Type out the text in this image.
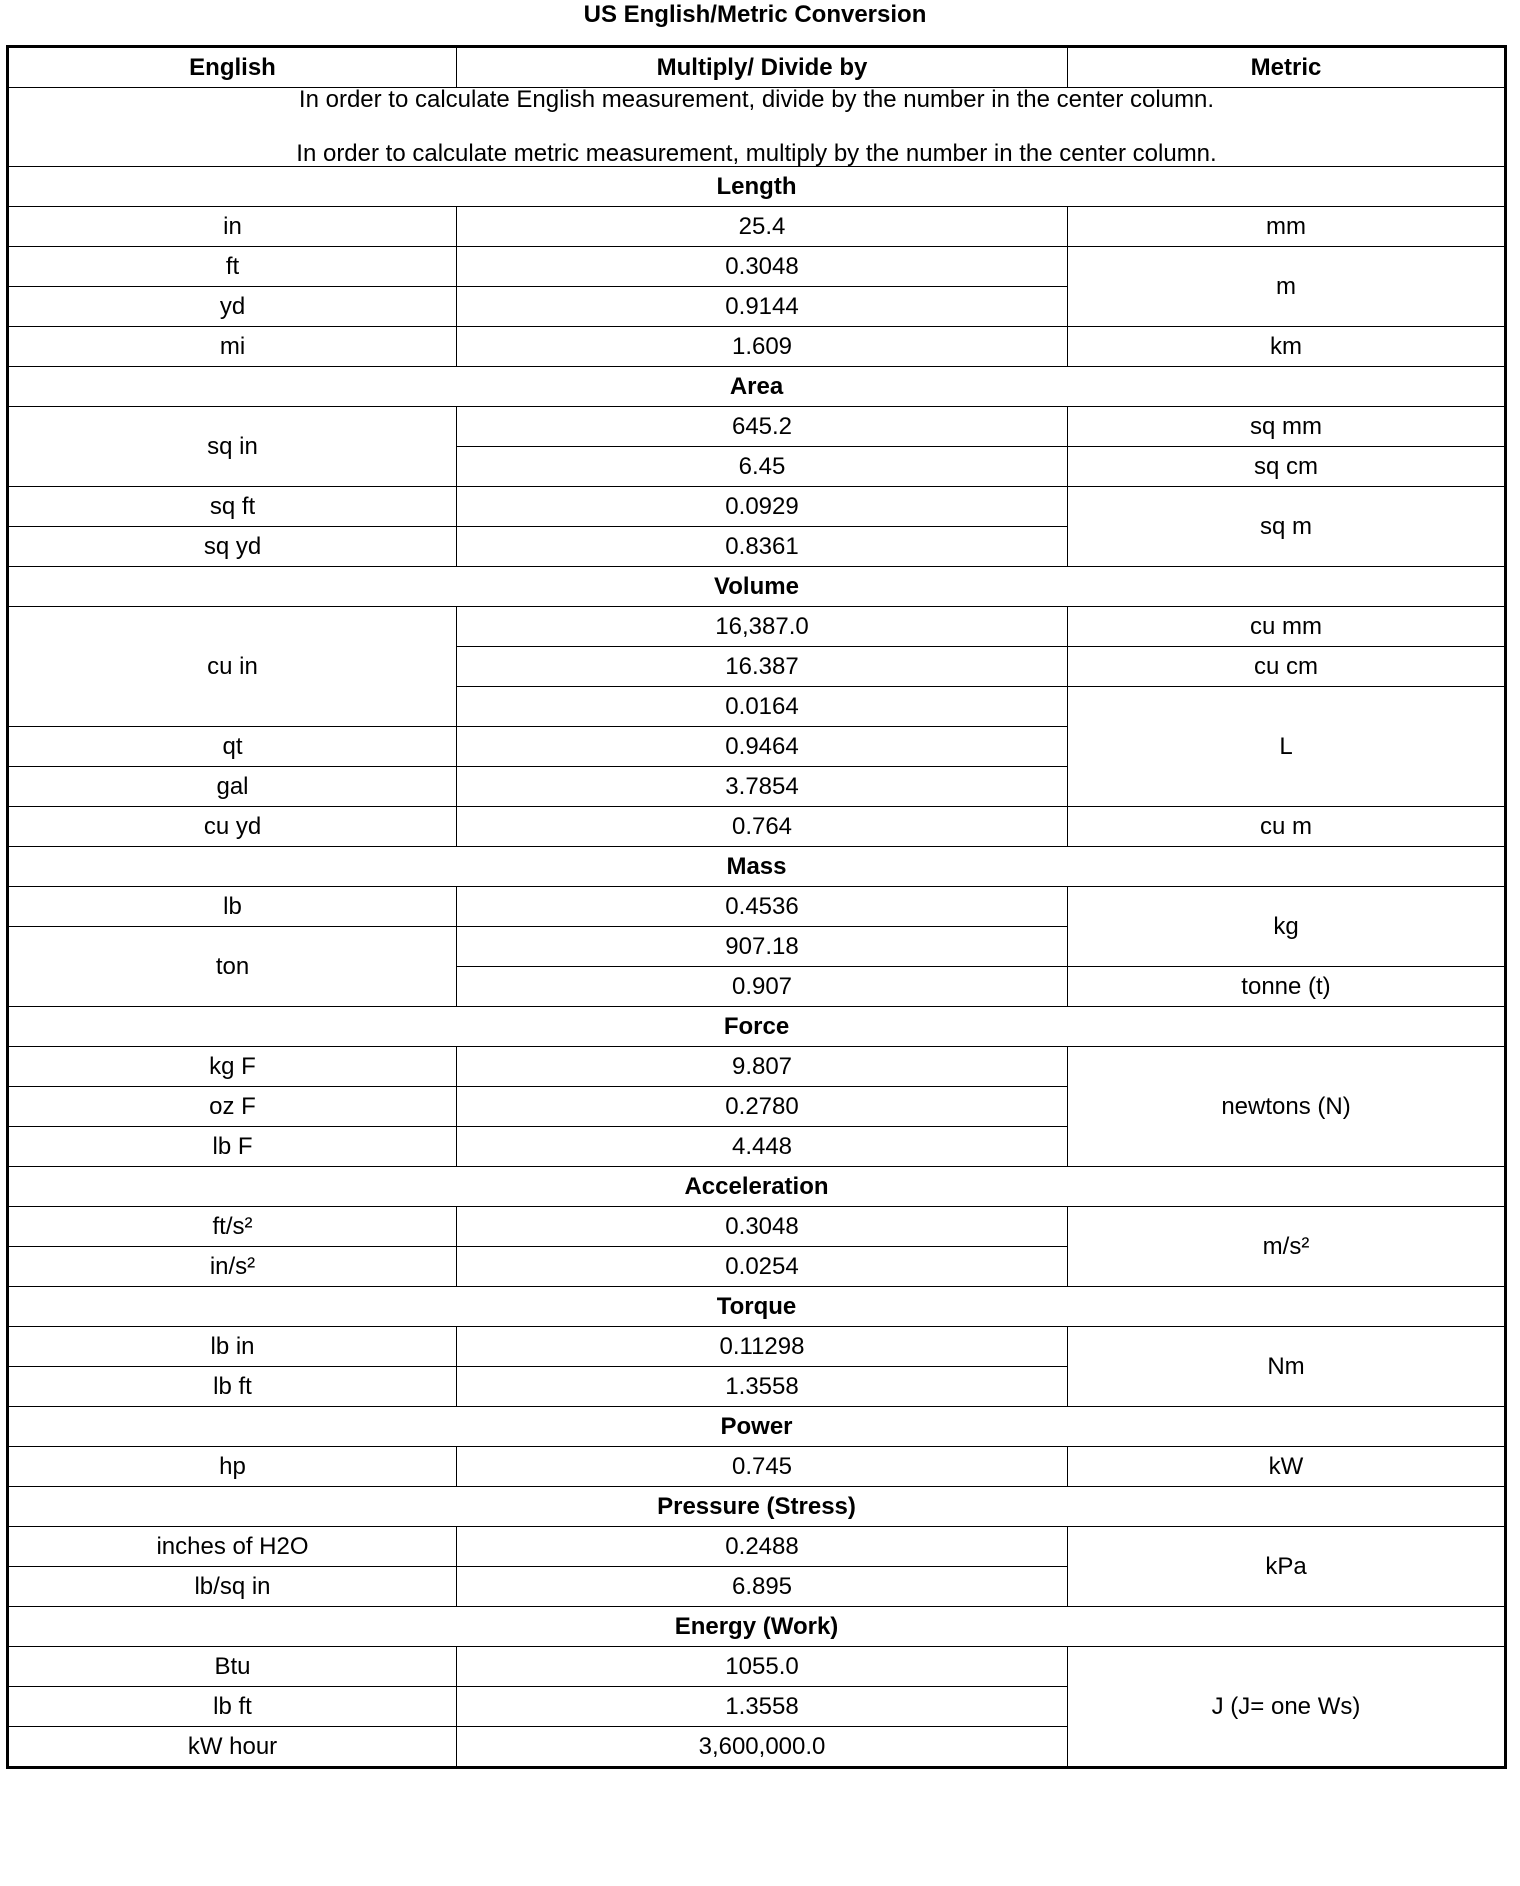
US English/Metric Conversion
English	Multiply/ Divide by	Metric

In order to calculate English measurement, divide by the number in the center column.
In order to calculate metric measurement, multiply by the number in the center column.		

Length		
in	25.4	mm
ft	0.3048	m
yd	0.9144	
mi	1.609	km
Area		
sq in	645.2	sq mm
	6.45	sq cm
sq ft	0.0929	sq m
sq yd	0.8361	
Volume		
cu in	16,387.0	cu mm
	16.387	cu cm
	0.0164	L
qt	0.9464	
gal	3.7854	
cu yd	0.764	cu m
Mass		
lb	0.4536	kg
ton	907.18	
	0.907	tonne (t)
Force		
kg F	9.807	newtons (N)
oz F	0.2780	
lb F	4.448	
Acceleration		
ft/s²	0.3048	m/s²
in/s²	0.0254	
Torque		
lb in	0.11298	Nm
lb ft	1.3558	
Power		
hp	0.745	kW
Pressure (Stress)		
inches of H2O	0.2488	kPa
lb/sq in	6.895	
Energy (Work)		
Btu	1055.0	J (J= one Ws)
lb ft	1.3558	
kW hour	3,600,000.0	
